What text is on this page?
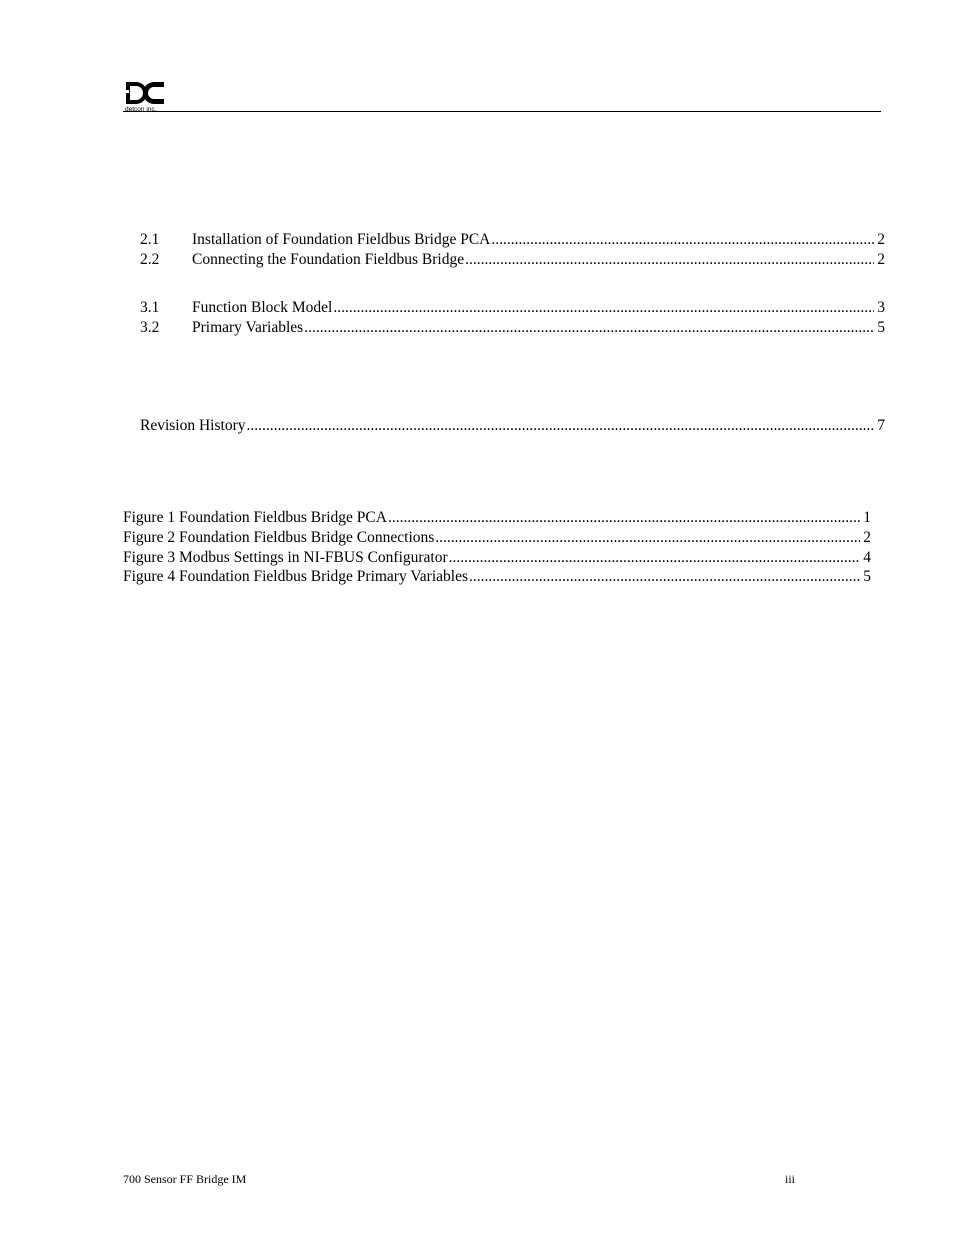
detcon inc.
2.1	Installation of Foundation Fieldbus Bridge PCA .....	2
2.2	Connecting the Foundation Fieldbus Bridge .....	2
3.1	Function Block Model .....	3
3.2	Primary Variables .....	5
Revision History .....	7
Figure 1 Foundation Fieldbus Bridge PCA .....	1
Figure 2 Foundation Fieldbus Bridge Connections .....	2
Figure 3 Modbus Settings in NI-FBUS Configurator .....	4
Figure 4 Foundation Fieldbus Bridge Primary Variables .....	5
700 Sensor FF Bridge IM	iii
